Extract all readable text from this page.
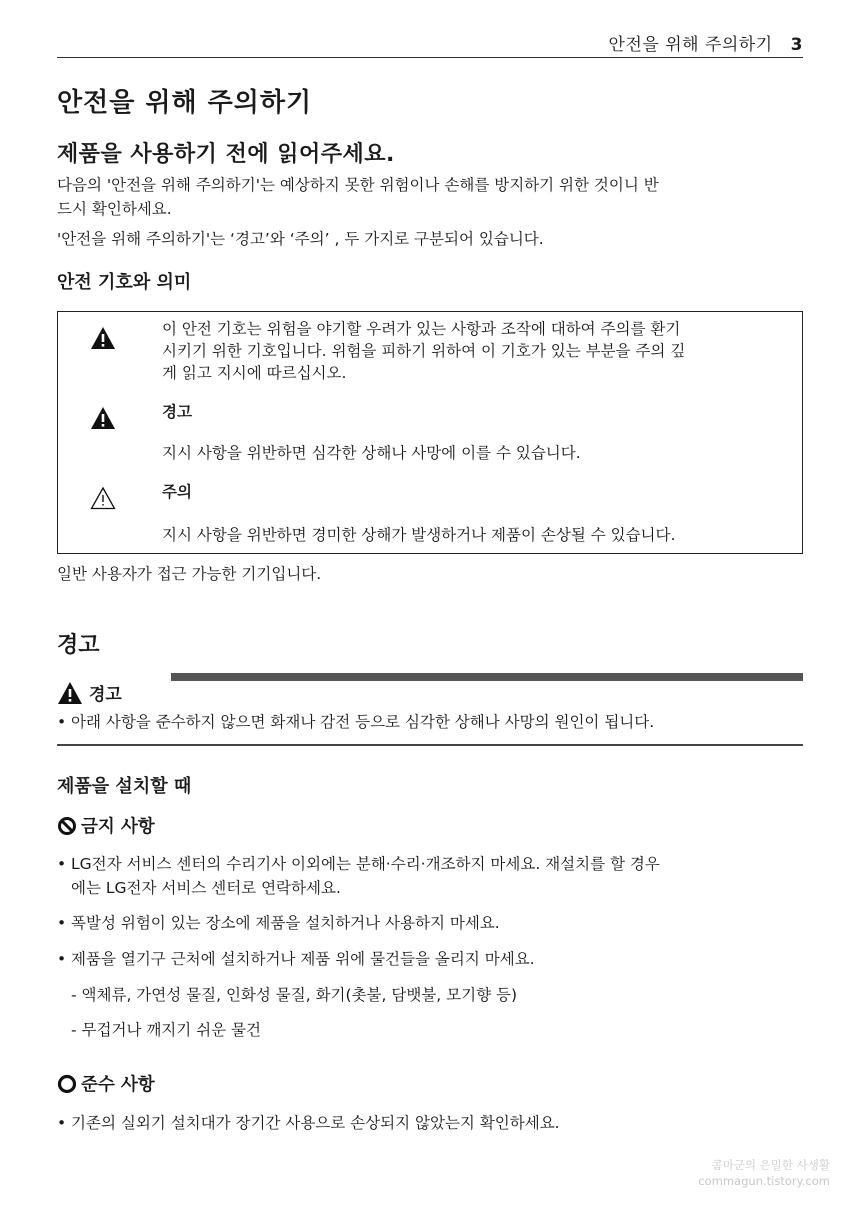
안전을 위해 주의하기 3
안전을 위해 주의하기
제품을 사용하기 전에 읽어주세요.
다음의 '안전을 위해 주의하기'는 예상하지 못한 위험이나 손해를 방지하기 위한 것이니 반
드시 확인하세요.
'안전을 위해 주의하기'는 ‘경고’와 ‘주의’ , 두 가지로 구분되어 있습니다.
안전 기호와 의미
이 안전 기호는 위험을 야기할 우려가 있는 사항과 조작에 대하여 주의를 환기
시키기 위한 기호입니다. 위험을 피하기 위하여 이 기호가 있는 부분을 주의 깊
게 읽고 지시에 따르십시오.
경고
지시 사항을 위반하면 심각한 상해나 사망에 이를 수 있습니다.
주의
지시 사항을 위반하면 경미한 상해가 발생하거나 제품이 손상될 수 있습니다.
일반 사용자가 접근 가능한 기기입니다.
경고
경고
• 아래 사항을 준수하지 않으면 화재나 감전 등으로 심각한 상해나 사망의 원인이 됩니다.
제품을 설치할 때
금지 사항
• LG전자 서비스 센터의 수리기사 이외에는 분해·수리·개조하지 마세요. 재설치를 할 경우
에는 LG전자 서비스 센터로 연락하세요.
• 폭발성 위험이 있는 장소에 제품을 설치하거나 사용하지 마세요.
• 제품을 열기구 근처에 설치하거나 제품 위에 물건들을 올리지 마세요.
- 액체류, 가연성 물질, 인화성 물질, 화기(촛불, 담뱃불, 모기향 등)
- 무겁거나 깨지기 쉬운 물건
준수 사항
• 기존의 실외기 설치대가 장기간 사용으로 손상되지 않았는지 확인하세요.
콤마군의 은밀한 사생활
commagun.tistory.com
